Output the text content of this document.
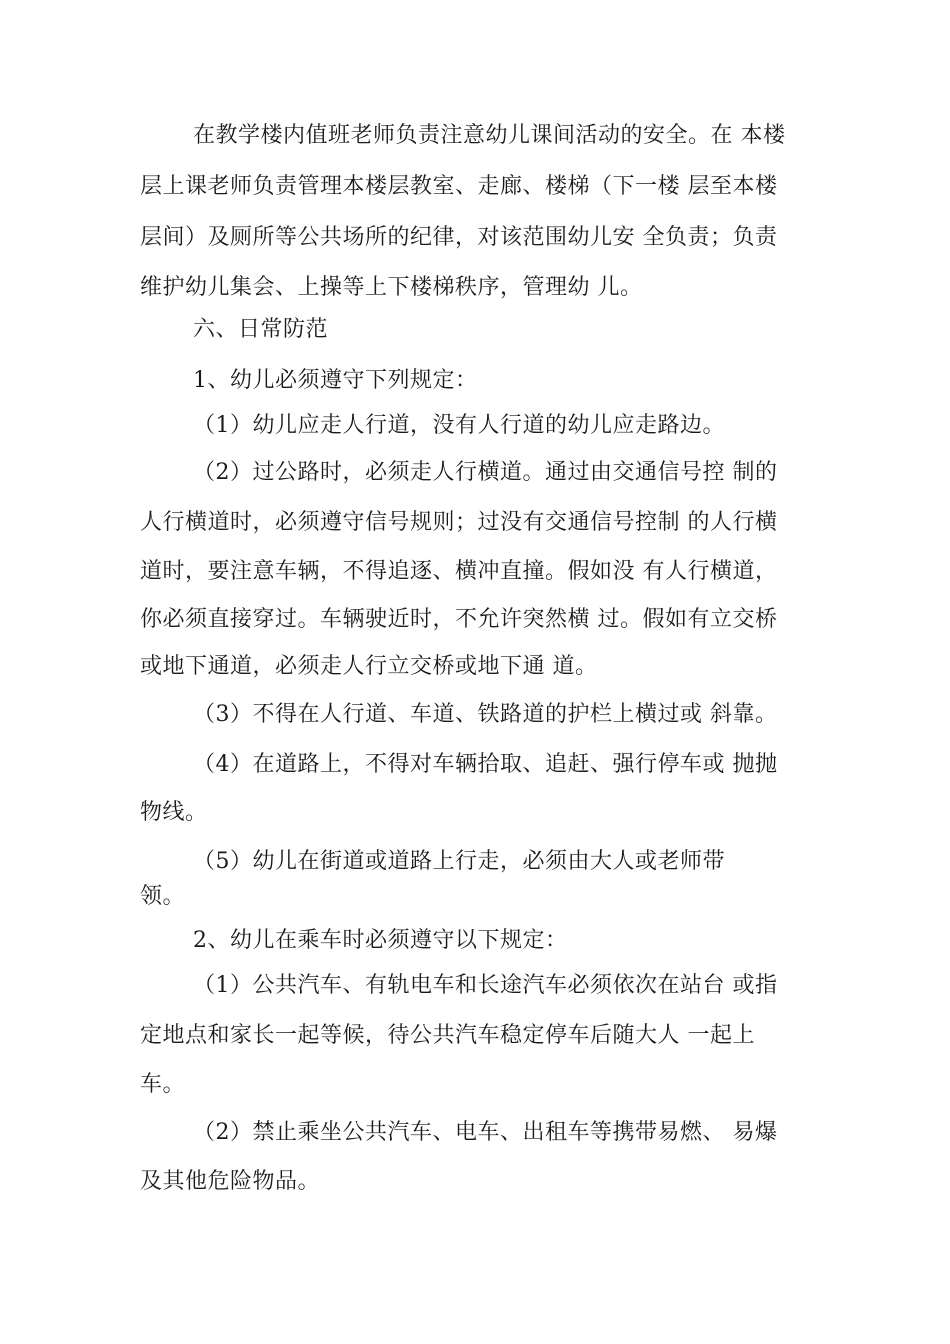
在教学楼内值班老师负责注意幼儿课间活动的安全。在 本楼

层上课老师负责管理本楼层教室、走廊、楼梯（下一楼 层至本楼

层间）及厕所等公共场所的纪律，对该范围幼儿安 全负责；负责

维护幼儿集会、上操等上下楼梯秩序，管理幼 儿。

六、日常防范

1、幼儿必须遵守下列规定：

（1）幼儿应走人行道，没有人行道的幼儿应走路边。

（2）过公路时，必须走人行横道。通过由交通信号控 制的

人行横道时，必须遵守信号规则；过没有交通信号控制 的人行横

道时，要注意车辆，不得追逐、横冲直撞。假如没 有人行横道，

你必须直接穿过。车辆驶近时，不允许突然横 过。假如有立交桥

或地下通道，必须走人行立交桥或地下通 道。

（3）不得在人行道、车道、铁路道的护栏上横过或 斜靠。

（4）在道路上，不得对车辆拾取、追赶、强行停车或 抛抛

物线。

（5）幼儿在街道或道路上行走，必须由大人或老师带

领。

2、幼儿在乘车时必须遵守以下规定：

（1）公共汽车、有轨电车和长途汽车必须依次在站台 或指

定地点和家长一起等候，待公共汽车稳定停车后随大人 一起上

车。

（2）禁止乘坐公共汽车、电车、出租车等携带易燃、 易爆

及其他危险物品。
